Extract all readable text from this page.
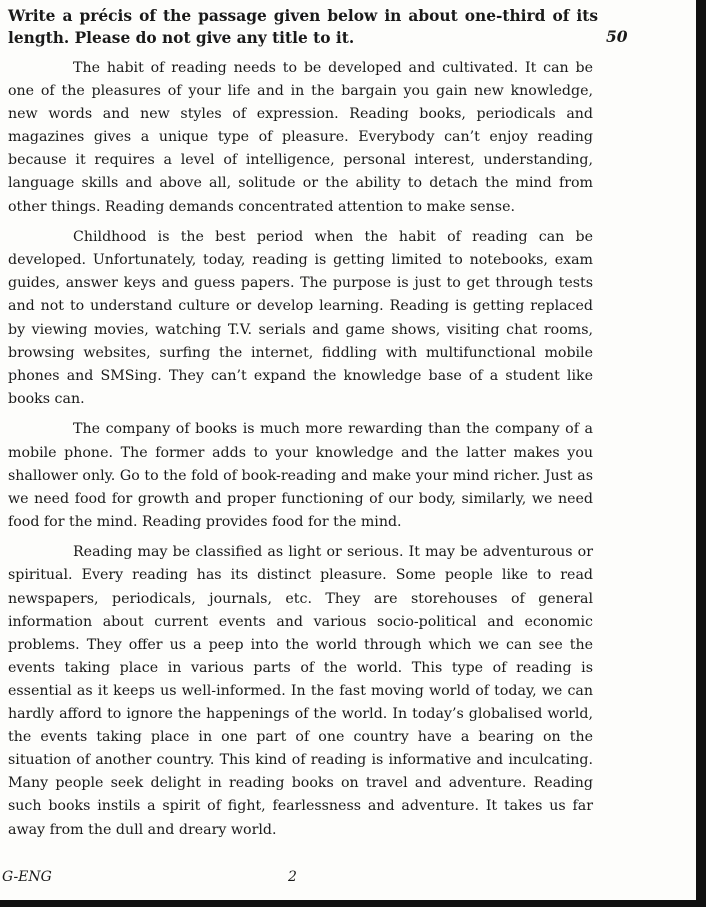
Write a précis of the passage given below in about one-third of its length. Please do not give any title to it.	50

The habit of reading needs to be developed and cultivated. It can be one of the pleasures of your life and in the bargain you gain new knowledge, new words and new styles of expression. Reading books, periodicals and magazines gives a unique type of pleasure. Everybody can’t enjoy reading because it requires a level of intelligence, personal interest, understanding, language skills and above all, solitude or the ability to detach the mind from other things. Reading demands concentrated attention to make sense.

Childhood is the best period when the habit of reading can be developed. Unfortunately, today, reading is getting limited to notebooks, exam guides, answer keys and guess papers. The purpose is just to get through tests and not to understand culture or develop learning. Reading is getting replaced by viewing movies, watching T.V. serials and game shows, visiting chat rooms, browsing websites, surfing the internet, fiddling with multifunctional mobile phones and SMSing. They can’t expand the knowledge base of a student like books can.

The company of books is much more rewarding than the company of a mobile phone. The former adds to your knowledge and the latter makes you shallower only. Go to the fold of book-reading and make your mind richer. Just as we need food for growth and proper functioning of our body, similarly, we need food for the mind. Reading provides food for the mind.

Reading may be classified as light or serious. It may be adventurous or spiritual. Every reading has its distinct pleasure. Some people like to read newspapers, periodicals, journals, etc. They are storehouses of general information about current events and various socio-political and economic problems. They offer us a peep into the world through which we can see the events taking place in various parts of the world. This type of reading is essential as it keeps us well-informed. In the fast moving world of today, we can hardly afford to ignore the happenings of the world. In today’s globalised world, the events taking place in one part of one country have a bearing on the situation of another country. This kind of reading is informative and inculcating. Many people seek delight in reading books on travel and adventure. Reading such books instils a spirit of fight, fearlessness and adventure. It takes us far away from the dull and dreary world.

G-ENG	2
